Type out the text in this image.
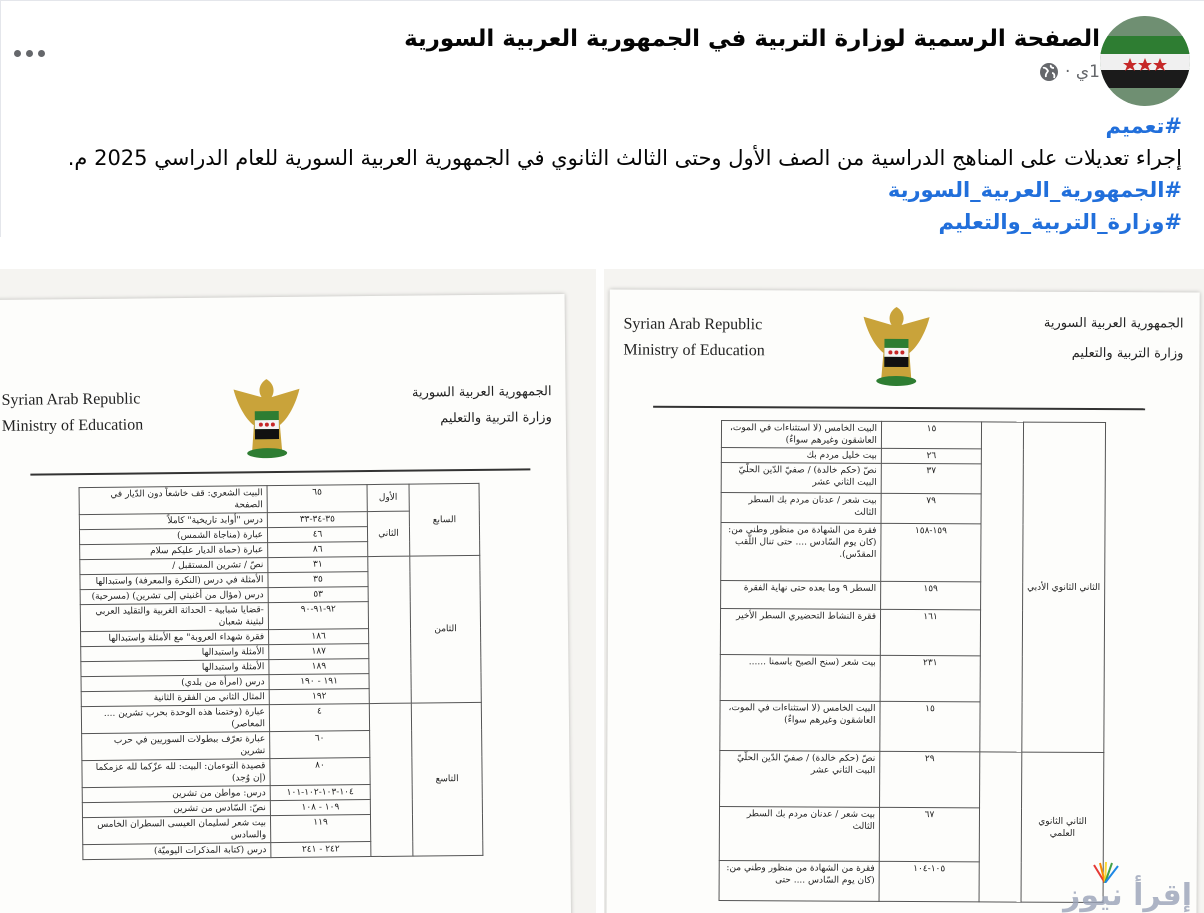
الصفحة الرسمية لوزارة التربية في الجمهورية العربية السورية
1ي ·
#تعميم
إجراء تعديلات على المناهج الدراسية من الصف الأول وحتى الثالث الثانوي في الجمهورية العربية السورية للعام الدراسي 2025 م.
#الجمهورية_العربية_السورية
#وزارة_التربية_والتعليم
Syrian Arab Republic
Ministry of Education
الجمهورية العربية السورية
وزارة التربية والتعليم
السابع	الأول	٦٥	البيت الشعري: قف خاشعاً دون الدّيار في الصفحة
	الثاني	٣٥-٣٤-٣٣	درس "أوابد تاريخية" كاملاً
		٤٦	عبارة (مناجاة الشمس)
		٨٦	عبارة (حماة الديار عليكم سلام
الثامن		٣١	نصّ / تشرين المستقبل /
		٣٥	الأمثلة في درس (النكرة والمعرفة) واستبدالها
		٥٣	درس (مؤال من أغنيتي إلى تشرين) (مسرحية)
		٩٢-٩١-٩٠	-قضايا شبابية - الحداثة الغربية والتقليد العربي لبثينة شعبان
		١٨٦	فقرة شهداء العروبة" مع الأمثلة واستبدالها
		١٨٧	الأمثلة واستبدالها
		١٨٩	الأمثلة واستبدالها
		١٩١ - ١٩٠	درس (امرأة من بلدي)
		١٩٢	المثال الثاني من الفقرة الثانية
التاسع		٤	عبارة (وختمنا هذه الوحدة بحرب تشرين .... المعاصر)
		٦٠	عبارة تعرّف ببطولات السوريين في حرب تشرين
		٨٠	قصيدة التوءمان: البيت: لله عزّكما لله عزمكما (إن وُجد)
		١٠٤-١٠٣-١٠٢-١٠١	درس: مواطن من تشرين
		١٠٩ - ١٠٨	نصّ: السّادس من تشرين
		١١٩	بيت شعر لسليمان العيسى السطران الخامس والسادس
		٢٤٢ - ٢٤١	درس (كتابة المذكرات اليوميّة)
Syrian Arab Republic
Ministry of Education
الجمهورية العربية السورية
وزارة التربية والتعليم
الثاني الثانوي الأدبي		١٥	البيت الخامس (لا استثناءات في الموت، العاشقون وغيرهم سواءٌ)
		٢٦	بيت خليل مردم بك
		٣٧	نصّ (حكم خالدة) / صفيّ الدّين الحلّيّ البيت الثاني عشر
		٧٩	بيت شعر / عدنان مردم بك السطر الثالث
		١٥٩-١٥٨	فقرة من الشهادة من منظور وطني من: (كان يوم السّادس .... حتى تنال اللّقب المقدّس).
		١٥٩	السطر ٩ وما بعده حتى نهاية الفقرة
		١٦١	فقرة النشاط التحضيري السطر الأخير
		٢٣١	بيت شعر (سنح الصبح باسمنا ......
		١٥	البيت الخامس (لا استثناءات في الموت، العاشقون وغيرهم سواءٌ)
الثاني الثانوي العلمي		٢٩	نصّ (حكم خالدة) / صفيّ الدّين الحلّيّ البيت الثاني عشر
		٦٧	بيت شعر / عدنان مردم بك السطر الثالث
		١٠٥-١٠٤	فقرة من الشهادة من منظور وطني من: (كان يوم السّادس .... حتى	إقرأ نيوز
